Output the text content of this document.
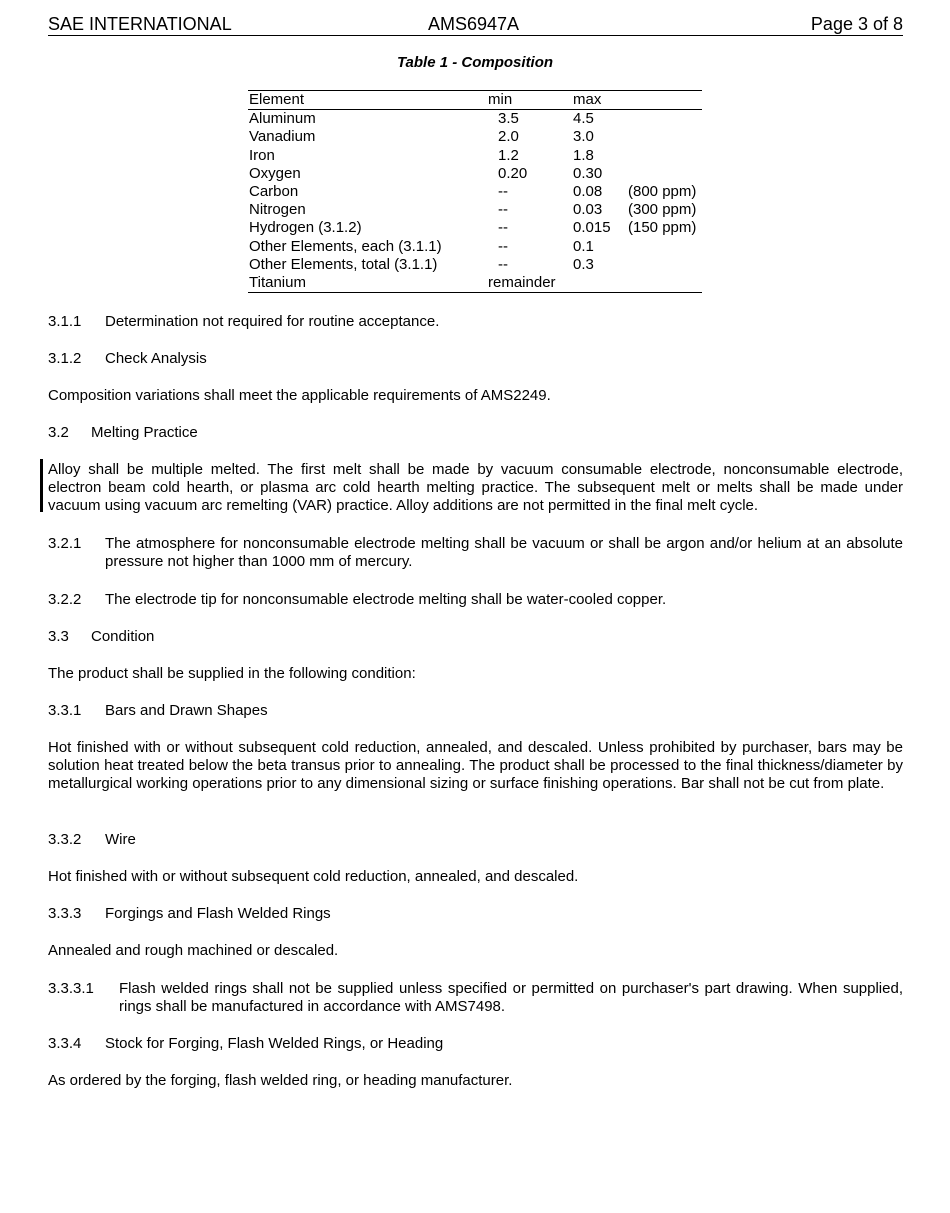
SAE INTERNATIONAL	AMS6947A	Page 3 of 8
Table 1 - Composition
Element	min	max
Aluminum	3.5	4.5
Vanadium	2.0	3.0
Iron	1.2	1.8
Oxygen	0.20	0.30
Carbon	--	0.08 (800 ppm)
Nitrogen	--	0.03 (300 ppm)
Hydrogen (3.1.2)	--	0.015 (150 ppm)
Other Elements, each (3.1.1)	--	0.1
Other Elements, total (3.1.1)	--	0.3
Titanium	remainder
3.1.1 Determination not required for routine acceptance.
3.1.2 Check Analysis
Composition variations shall meet the applicable requirements of AMS2249.
3.2 Melting Practice
Alloy shall be multiple melted. The first melt shall be made by vacuum consumable electrode, nonconsumable electrode, electron beam cold hearth, or plasma arc cold hearth melting practice. The subsequent melt or melts shall be made under vacuum using vacuum arc remelting (VAR) practice. Alloy additions are not permitted in the final melt cycle.
3.2.1 The atmosphere for nonconsumable electrode melting shall be vacuum or shall be argon and/or helium at an absolute pressure not higher than 1000 mm of mercury.
3.2.2 The electrode tip for nonconsumable electrode melting shall be water-cooled copper.
3.3 Condition
The product shall be supplied in the following condition:
3.3.1 Bars and Drawn Shapes
Hot finished with or without subsequent cold reduction, annealed, and descaled. Unless prohibited by purchaser, bars may be solution heat treated below the beta transus prior to annealing. The product shall be processed to the final thickness/diameter by metallurgical working operations prior to any dimensional sizing or surface finishing operations. Bar shall not be cut from plate.
3.3.2 Wire
Hot finished with or without subsequent cold reduction, annealed, and descaled.
3.3.3 Forgings and Flash Welded Rings
Annealed and rough machined or descaled.
3.3.3.1 Flash welded rings shall not be supplied unless specified or permitted on purchaser's part drawing. When supplied, rings shall be manufactured in accordance with AMS7498.
3.3.4 Stock for Forging, Flash Welded Rings, or Heading
As ordered by the forging, flash welded ring, or heading manufacturer.
